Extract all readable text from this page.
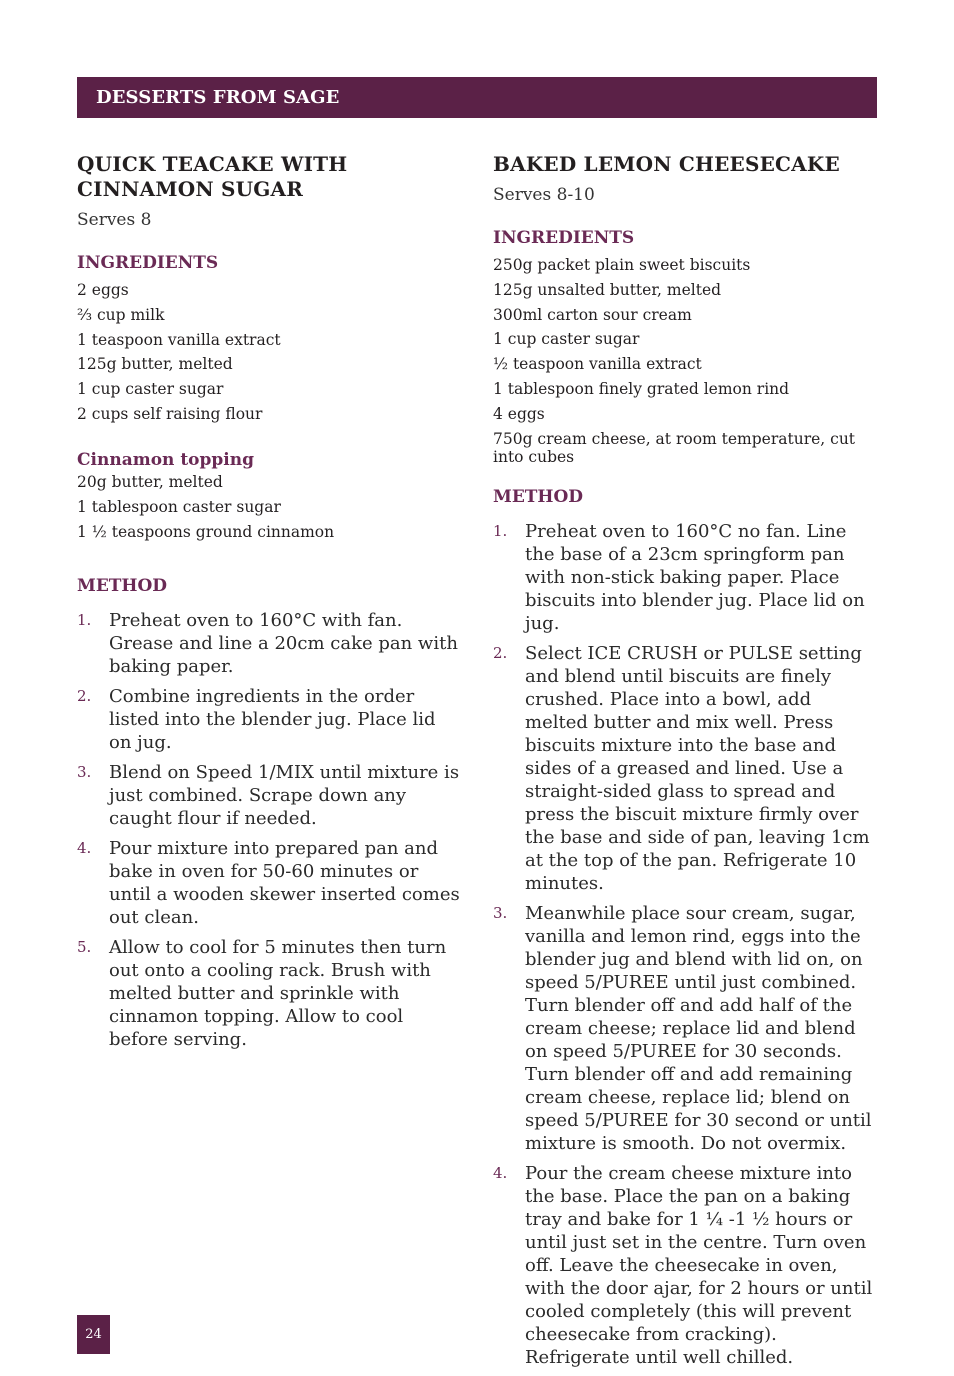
DESSERTS FROM SAGE
QUICK TEACAKE WITH CINNAMON SUGAR
Serves 8
INGREDIENTS
2 eggs
⅔ cup milk
1 teaspoon vanilla extract
125g butter, melted
1 cup caster sugar
2 cups self raising flour
Cinnamon topping
20g butter, melted
1 tablespoon caster sugar
1 ½ teaspoons ground cinnamon
METHOD
1. Preheat oven to 160°C with fan. Grease and line a 20cm cake pan with baking paper.
2. Combine ingredients in the order listed into the blender jug. Place lid on jug.
3. Blend on Speed 1/MIX until mixture is just combined. Scrape down any caught flour if needed.
4. Pour mixture into prepared pan and bake in oven for 50-60 minutes or until a wooden skewer inserted comes out clean.
5. Allow to cool for 5 minutes then turn out onto a cooling rack. Brush with melted butter and sprinkle with cinnamon topping. Allow to cool before serving.
BAKED LEMON CHEESECAKE
Serves 8-10
INGREDIENTS
250g packet plain sweet biscuits
125g unsalted butter, melted
300ml carton sour cream
1 cup caster sugar
½ teaspoon vanilla extract
1 tablespoon finely grated lemon rind
4 eggs
750g cream cheese, at room temperature, cut into cubes
METHOD
1. Preheat oven to 160°C no fan. Line the base of a 23cm springform pan with non-stick baking paper. Place biscuits into blender jug. Place lid on jug.
2. Select ICE CRUSH or PULSE setting and blend until biscuits are finely crushed. Place into a bowl, add melted butter and mix well. Press biscuits mixture into the base and sides of a greased and lined. Use a straight-sided glass to spread and press the biscuit mixture firmly over the base and side of pan, leaving 1cm at the top of the pan. Refrigerate 10 minutes.
3. Meanwhile place sour cream, sugar, vanilla and lemon rind, eggs into the blender jug and blend with lid on, on speed 5/PUREE until just combined. Turn blender off and add half of the cream cheese; replace lid and blend on speed 5/PUREE for 30 seconds. Turn blender off and add remaining cream cheese, replace lid; blend on speed 5/PUREE for 30 second or until mixture is smooth. Do not overmix.
4. Pour the cream cheese mixture into the base. Place the pan on a baking tray and bake for 1 ¼ -1 ½ hours or until just set in the centre. Turn oven off. Leave the cheesecake in oven, with the door ajar, for 2 hours or until cooled completely (this will prevent cheesecake from cracking). Refrigerate until well chilled.
24
